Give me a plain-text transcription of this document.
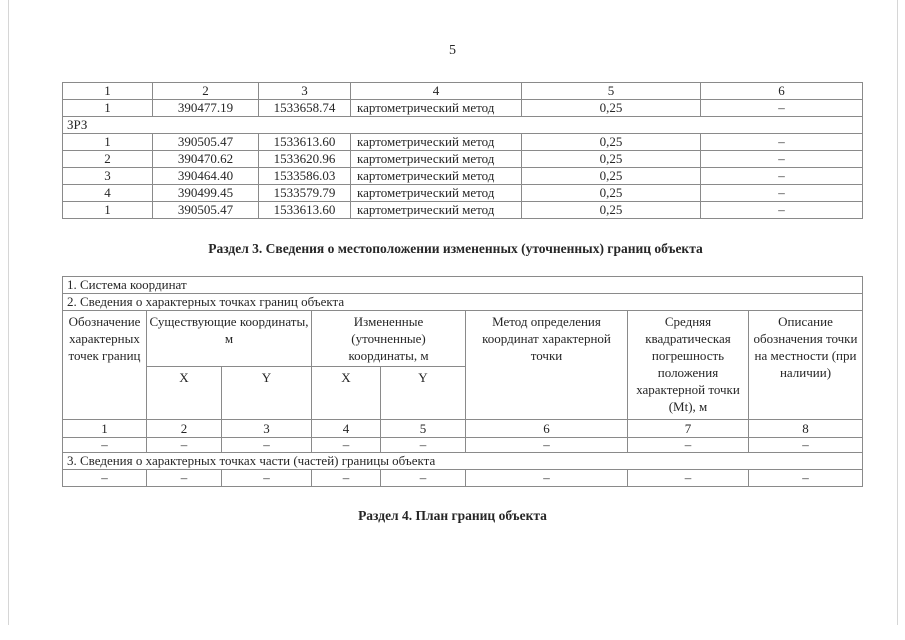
5
1	2	3	4	5	6
1	390477.19	1533658.74	картометрический метод	0,25	–
ЗРЗ					
1	390505.47	1533613.60	картометрический метод	0,25	–
2	390470.62	1533620.96	картометрический метод	0,25	–
3	390464.40	1533586.03	картометрический метод	0,25	–
4	390499.45	1533579.79	картометрический метод	0,25	–
1	390505.47	1533613.60	картометрический метод	0,25	–
Раздел 3. Сведения о местоположении измененных (уточненных) границ объекта
1. Система координат							
2. Сведения о характерных точках границ объекта							
Обозначение характерных точек границ	Существующие координаты, м		Измененные (уточненные) координаты, м		Метод определения координат характерной точки	Средняя квадратическая погрешность положения характерной точки (Mt), м	Описание обозначения точки на местности (при наличии)
	X	Y	X	Y			
1	2	3	4	5	6	7	8
–	–	–	–	–	–	–	–
3. Сведения о характерных точках части (частей) границы объекта							
–	–	–	–	–	–	–	–
Раздел 4. План границ объекта
